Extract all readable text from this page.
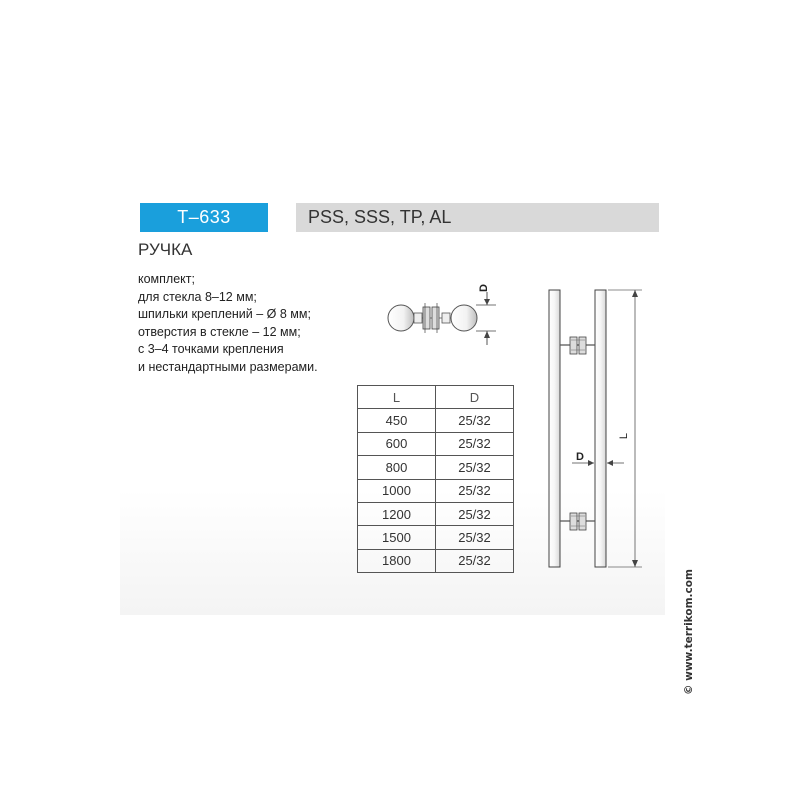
T–633	PSS, SSS, TP, AL
РУЧКА
комплект;
для стекла 8–12 мм;
шпильки креплений – Ø 8 мм;
отверстия в стекле – 12 мм;
с 3–4 точками крепления
и нестандартными размерами.
L	D
450	25/32
600	25/32
800	25/32
1000	25/32
1200	25/32
1500	25/32
1800	25/32
D
D
L
© www.terrikom.com
